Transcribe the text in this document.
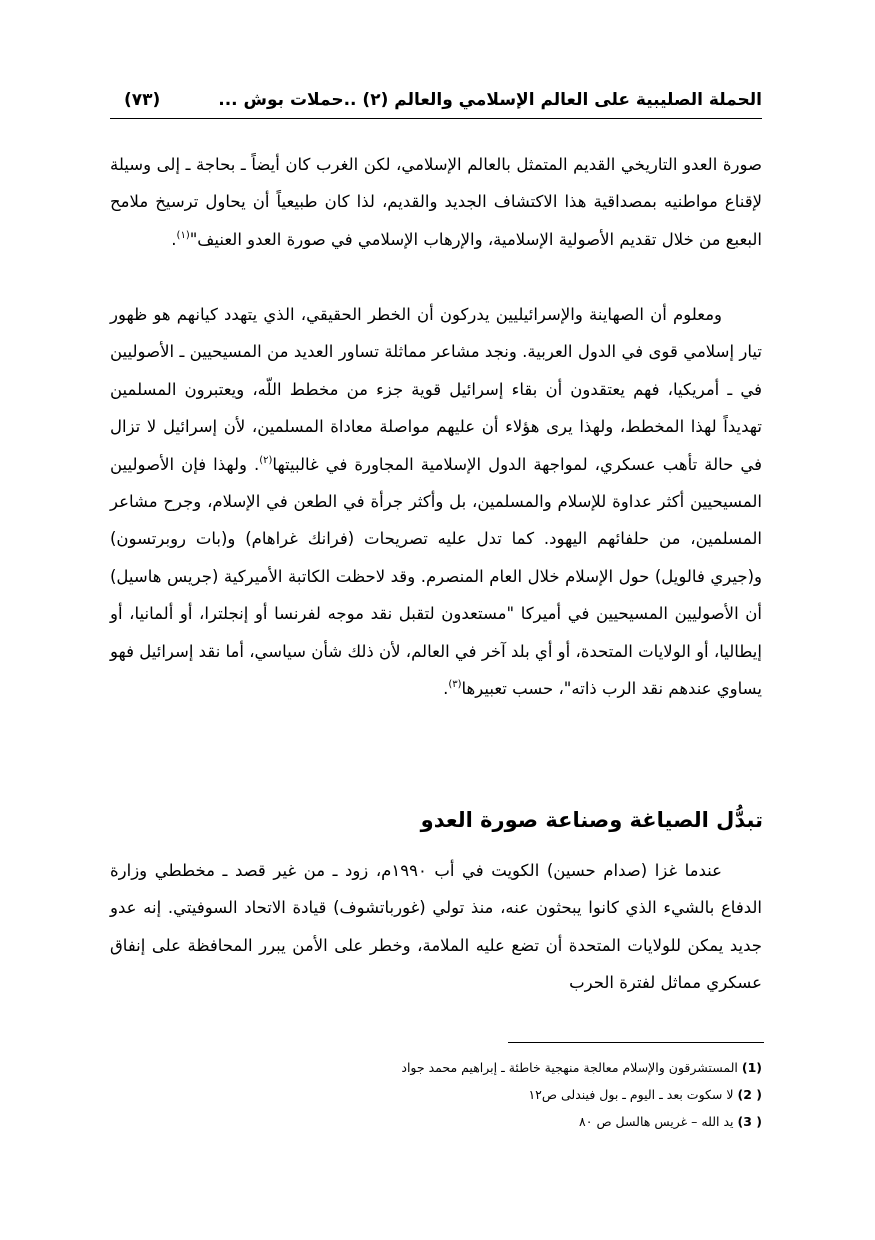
الحملة الصليبية على العالم الإسلامي والعالم (٢) ..حملات بوش ...
(٧٣)

صورة العدو التاريخي القديم المتمثل بالعالم الإسلامي، لكن الغرب كان أيضاً ـ بحاجة ـ إلى وسيلة لإقناع مواطنيه بمصداقية هذا الاكتشاف الجديد والقديم، لذا كان طبيعياً أن يحاول ترسيخ ملامح البعبع من خلال تقديم الأصولية الإسلامية، والإرهاب الإسلامي في صورة العدو العنيف"$^{(١)}$.

ومعلوم أن الصهاينة والإسرائيليين يدركون أن الخطر الحقيقي، الذي يتهدد كيانهم هو ظهور تيار إسلامي قوى في الدول العربية. ونجد مشاعر مماثلة تساور العديد من المسيحيين ـ الأصوليين في ـ أمريكيا، فهم يعتقدون أن بقاء إسرائيل قوية جزء من مخطط اللّه، ويعتبرون المسلمين تهديداً لهذا المخطط، ولهذا يرى هؤلاء أن عليهم مواصلة معاداة المسلمين، لأن إسرائيل لا تزال في حالة تأهب عسكري، لمواجهة الدول الإسلامية المجاورة في غالبيتها$^{(٢)}$. ولهذا فإن الأصوليين المسيحيين أكثر عداوة للإسلام والمسلمين، بل وأكثر جرأة في الطعن في الإسلام، وجرح مشاعر المسلمين، من حلفائهم اليهود. كما تدل عليه تصريحات (فرانك غراهام) و(بات روبرتسون) و(جيري فالويل) حول الإسلام خلال العام المنصرم. وقد لاحظت الكاتبة الأميركية (جريس هاسيل) أن الأصوليين المسيحيين في أميركا "مستعدون لتقبل نقد موجه لفرنسا أو إنجلترا، أو ألمانيا، أو إيطاليا، أو الولايات المتحدة، أو أي بلد آخر في العالم، لأن ذلك شأن سياسي، أما نقد إسرائيل فهو يساوي عندهم نقد الرب ذاته"، حسب تعبيرها$^{(٣)}$.

تبدُّل الصياغة وصناعة صورة العدو

عندما غزا (صدام حسين) الكويت في أب ١٩٩٠م، زود ـ من غير قصد ـ مخططي وزارة الدفاع بالشيء الذي كانوا يبحثون عنه، منذ تولي (غورباتشوف) قيادة الاتحاد السوفيتي. إنه عدو جديد يمكن للولايات المتحدة أن تضع عليه الملامة، وخطر على الأمن يبرر المحافظة على إنفاق عسكري مماثل لفترة الحرب

(1) المستشرقون والإسلام معالجة منهجية خاطئة ـ إبراهيم محمد جواد
( 2) لا سكوت بعد ـ اليوم ـ بول فيندلى ص١٢
( 3) يد الله – غريس هالسل ص ٨٠
